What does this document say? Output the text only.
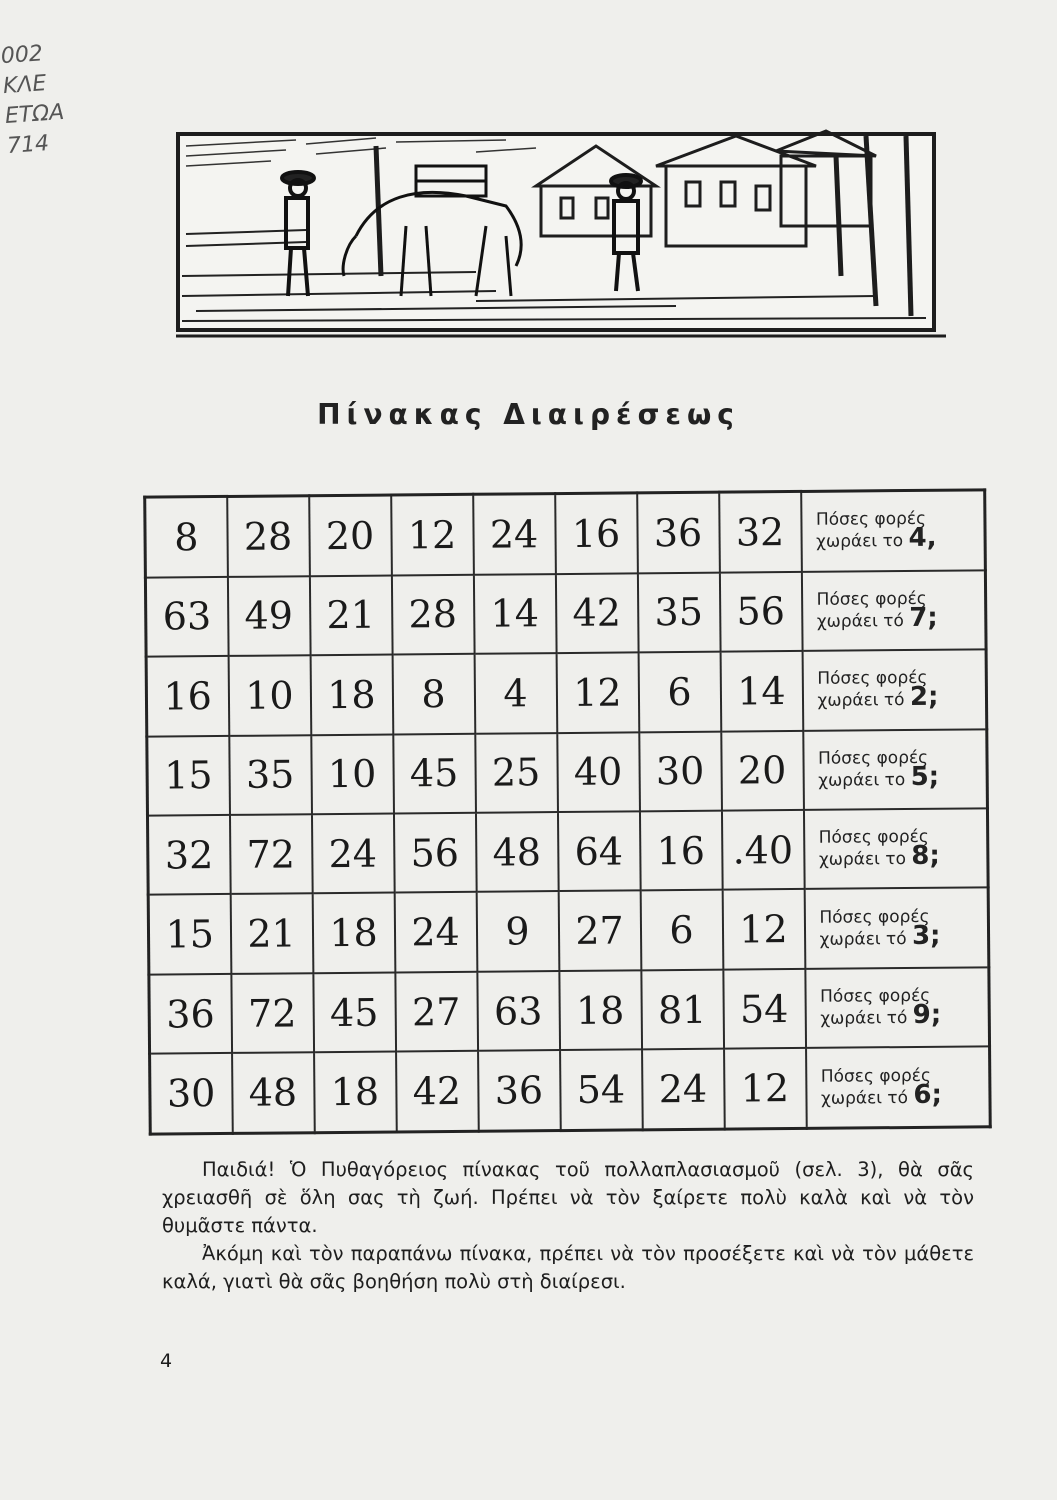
002
ΚΛΕ
ΕΤΩΑ
714
Πίνακας Διαιρέσεως
8	28	20	12	24	16	36	32	Πόσες φορές
χωράει το 4,

63	49	21	28	14	42	35	56	Πόσες φορές
χωράει τό 7;

16	10	18	8	4	12	6	14	Πόσες φορές
χωράει τό 2;

15	35	10	45	25	40	30	20	Πόσες φορές
χωράει το 5;

32	72	24	56	48	64	16	.40	Πόσες φορές
χωράει το 8;

15	21	18	24	9	27	6	12	Πόσες φορές
χωράει τό 3;

36	72	45	27	63	18	81	54	Πόσες φορές
χωράει τό 9;

30	48	18	42	36	54	24	12	Πόσες φορές
χωράει τό 6;

Παιδιά! Ὁ Πυθαγόρειος πίνακας τοῦ πολλαπλασιασμοῦ (σελ. 3), θὰ σᾶς χρειασθῆ σὲ ὅλη σας τὴ ζωή. Πρέπει νὰ τὸν ξαίρετε πολὺ καλὰ καὶ νὰ τὸν θυμᾶστε πάντα.

Ἀκόμη καὶ τὸν παραπάνω πίνακα, πρέπει νὰ τὸν προσέξετε καὶ νὰ τὸν μάθετε καλά, γιατὶ θὰ σᾶς βοηθήση πολὺ στὴ διαίρεσι.

4
